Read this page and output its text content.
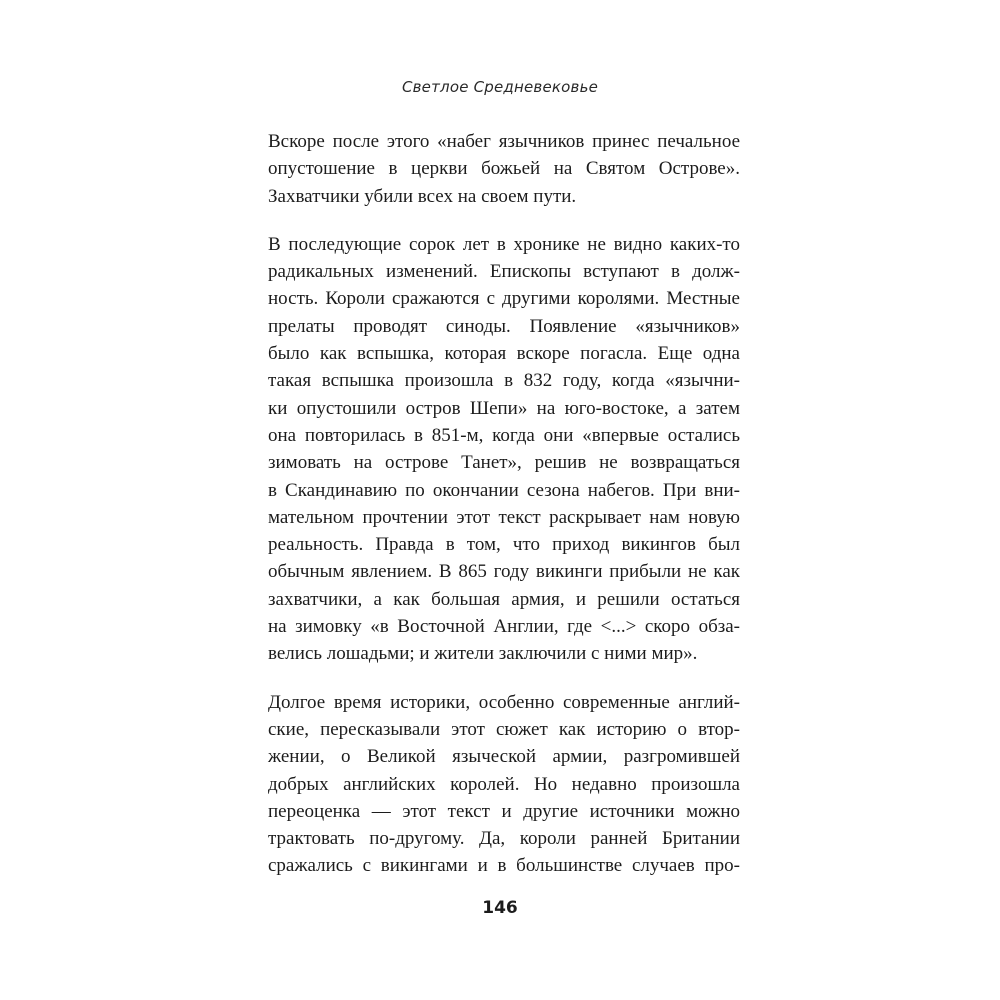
Светлое Средневековье
Вскоре после этого «набег язычников принес печальное
опустошение в церкви божьей на Святом Острове».
Захватчики убили всех на своем пути.
В последующие сорок лет в хронике не видно каких-то
радикальных изменений. Епископы вступают в долж-
ность. Короли сражаются с другими королями. Местные
прелаты проводят синоды. Появление «язычников»
было как вспышка, которая вскоре погасла. Еще одна
такая вспышка произошла в 832 году, когда «язычни-
ки опустошили остров Шепи» на юго-востоке, а затем
она повторилась в 851-м, когда они «впервые остались
зимовать на острове Танет», решив не возвращаться
в Скандинавию по окончании сезона набегов. При вни-
мательном прочтении этот текст раскрывает нам новую
реальность. Правда в том, что приход викингов был
обычным явлением. В 865 году викинги прибыли не как
захватчики, а как большая армия, и решили остаться
на зимовку «в Восточной Англии, где <...> скоро обза-
велись лошадьми; и жители заключили с ними мир».
Долгое время историки, особенно современные англий-
ские, пересказывали этот сюжет как историю о втор-
жении, о Великой языческой армии, разгромившей
добрых английских королей. Но недавно произошла
переоценка — этот текст и другие источники можно
трактовать по-другому. Да, короли ранней Британии
сражались с викингами и в большинстве случаев про-
146
